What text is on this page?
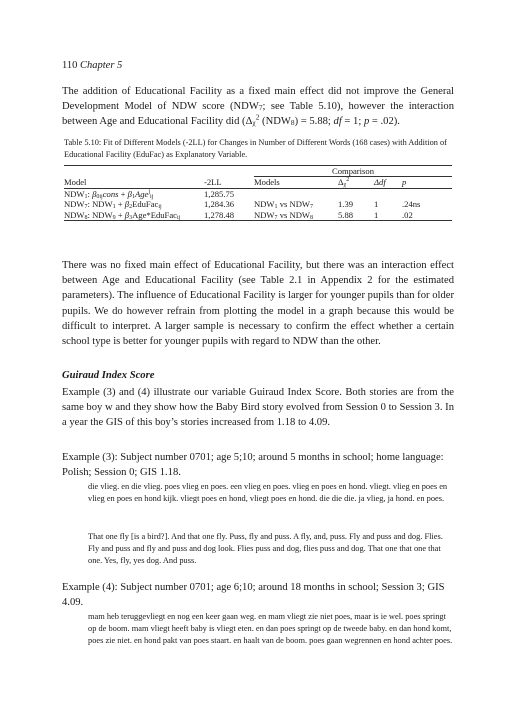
110 Chapter 5
The addition of Educational Facility as a fixed main effect did not improve the General Development Model of NDW score ($NDW_7$; see Table 5.10), however the interaction between Age and Educational Facility did ($\Delta_\chi^2$ $(NDW_8) = 5.88$; df = 1; p = .02).
Table 5.10: Fit of Different Models (-2LL) for Changes in Number of Different Words (168 cases) with Addition of Educational Facility (EduFac) as Explanatory Variable.
		Comparison			
Model	-2LL	Models	$\Delta_\chi^2$	Δdf	p
$NDW_1$: $\beta_{0ij}cons + \beta_1Age^j_{ij}$	1,285.75				
$NDW_7$: $NDW_1$ + $\beta_2EduFac_{ij}$	1,284.36	$NDW_1$ vs $NDW_7$	1.39	1	.24ns
$NDW_8$: $NDW_9$ + $\beta_3Age*EduFac_{ij}$	1,278.48	$NDW_7$ vs $NDW_8$	5.88	1	.02
There was no fixed main effect of Educational Facility, but there was an interaction effect between Age and Educational Facility (see Table 2.1 in Appendix 2 for the estimated parameters). The influence of Educational Facility is larger for younger pupils than for older pupils. We do however refrain from plotting the model in a graph because this would be difficult to interpret. A larger sample is necessary to confirm the effect whether a certain school type is better for younger pupils with regard to NDW than the other.
Guiraud Index Score
Example (3) and (4) illustrate our variable Guiraud Index Score. Both stories are from the same boy w and they show how the Baby Bird story evolved from Session 0 to Session 3. In a year the GIS of this boy’s stories increased from 1.18 to 4.09.
Example (3): Subject number 0701; age 5;10; around 5 months in school; home language: Polish; Session 0; GIS 1.18.
die vlieg. en die vlieg. poes vlieg en poes. een vlieg en poes. vlieg en poes en hond. vliegt. vlieg en poes en vlieg en poes en hond kijk. vliegt poes en hond, vliegt poes en hond. die die die. ja vlieg, ja hond. en poes.
That one fly [is a bird?]. And that one fly. Puss, fly and puss. A fly, and, puss. Fly and puss and dog. Flies. Fly and puss and fly and puss and dog look. Flies puss and dog, flies puss and dog. That one that one that one. Yes, fly, yes dog. And puss.
Example (4): Subject number 0701; age 6;10; around 18 months in school; Session 3; GIS 4.09.
mam heb teruggevliegt en nog een keer gaan weg. en mam vliegt zie niet poes, maar is ie wel. poes springt op de boom. mam vliegt heeft baby is vliegt eten. en dan poes springt op de tweede baby. en dan hond komt, poes zie niet. en hond pakt van poes staart. en haalt van de boom. poes gaan wegrennen en hond achter poes.
